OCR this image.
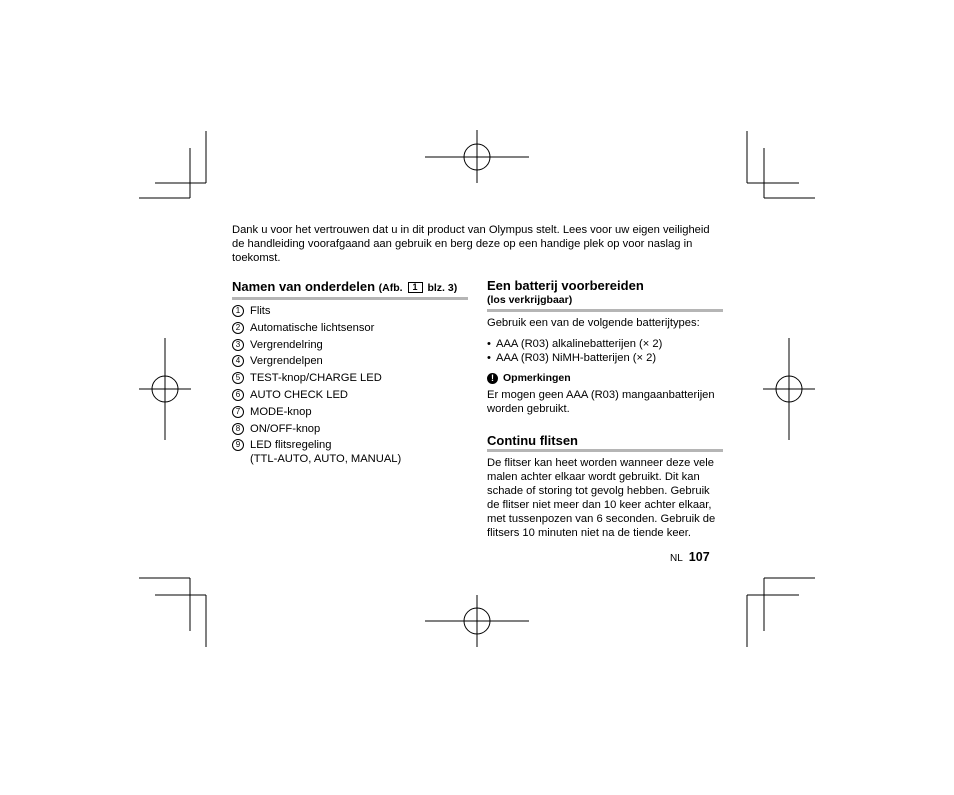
Dank u voor het vertrouwen dat u in dit product van Olympus stelt. Lees voor uw eigen veiligheid de handleiding voorafgaand aan gebruik en berg deze op een handige plek op voor naslag in toekomst.

Namen van onderdelen (Afb. 1 blz. 3)
1 Flits
2 Automatische lichtsensor
3 Vergrendelring
4 Vergrendelpen
5 TEST-knop/CHARGE LED
6 AUTO CHECK LED
7 MODE-knop
8 ON/OFF-knop
9 LED flitsregeling
(TTL-AUTO, AUTO, MANUAL)
Een batterij voorbereiden
(los verkrijgbaar)

Gebruik een van de volgende batterijtypes:

• AAA (R03) alkalinebatterijen (× 2)
• AAA (R03) NiMH-batterijen (× 2)
! Opmerkingen

Er mogen geen AAA (R03) mangaanbatterijen worden gebruikt.

Continu flitsen

De flitser kan heet worden wanneer deze vele malen achter elkaar wordt gebruikt. Dit kan schade of storing tot gevolg hebben. Gebruik de flitser niet meer dan 10 keer achter elkaar, met tussenpozen van 6 seconden. Gebruik de flitsers 10 minuten niet na de tiende keer.

NL 107
